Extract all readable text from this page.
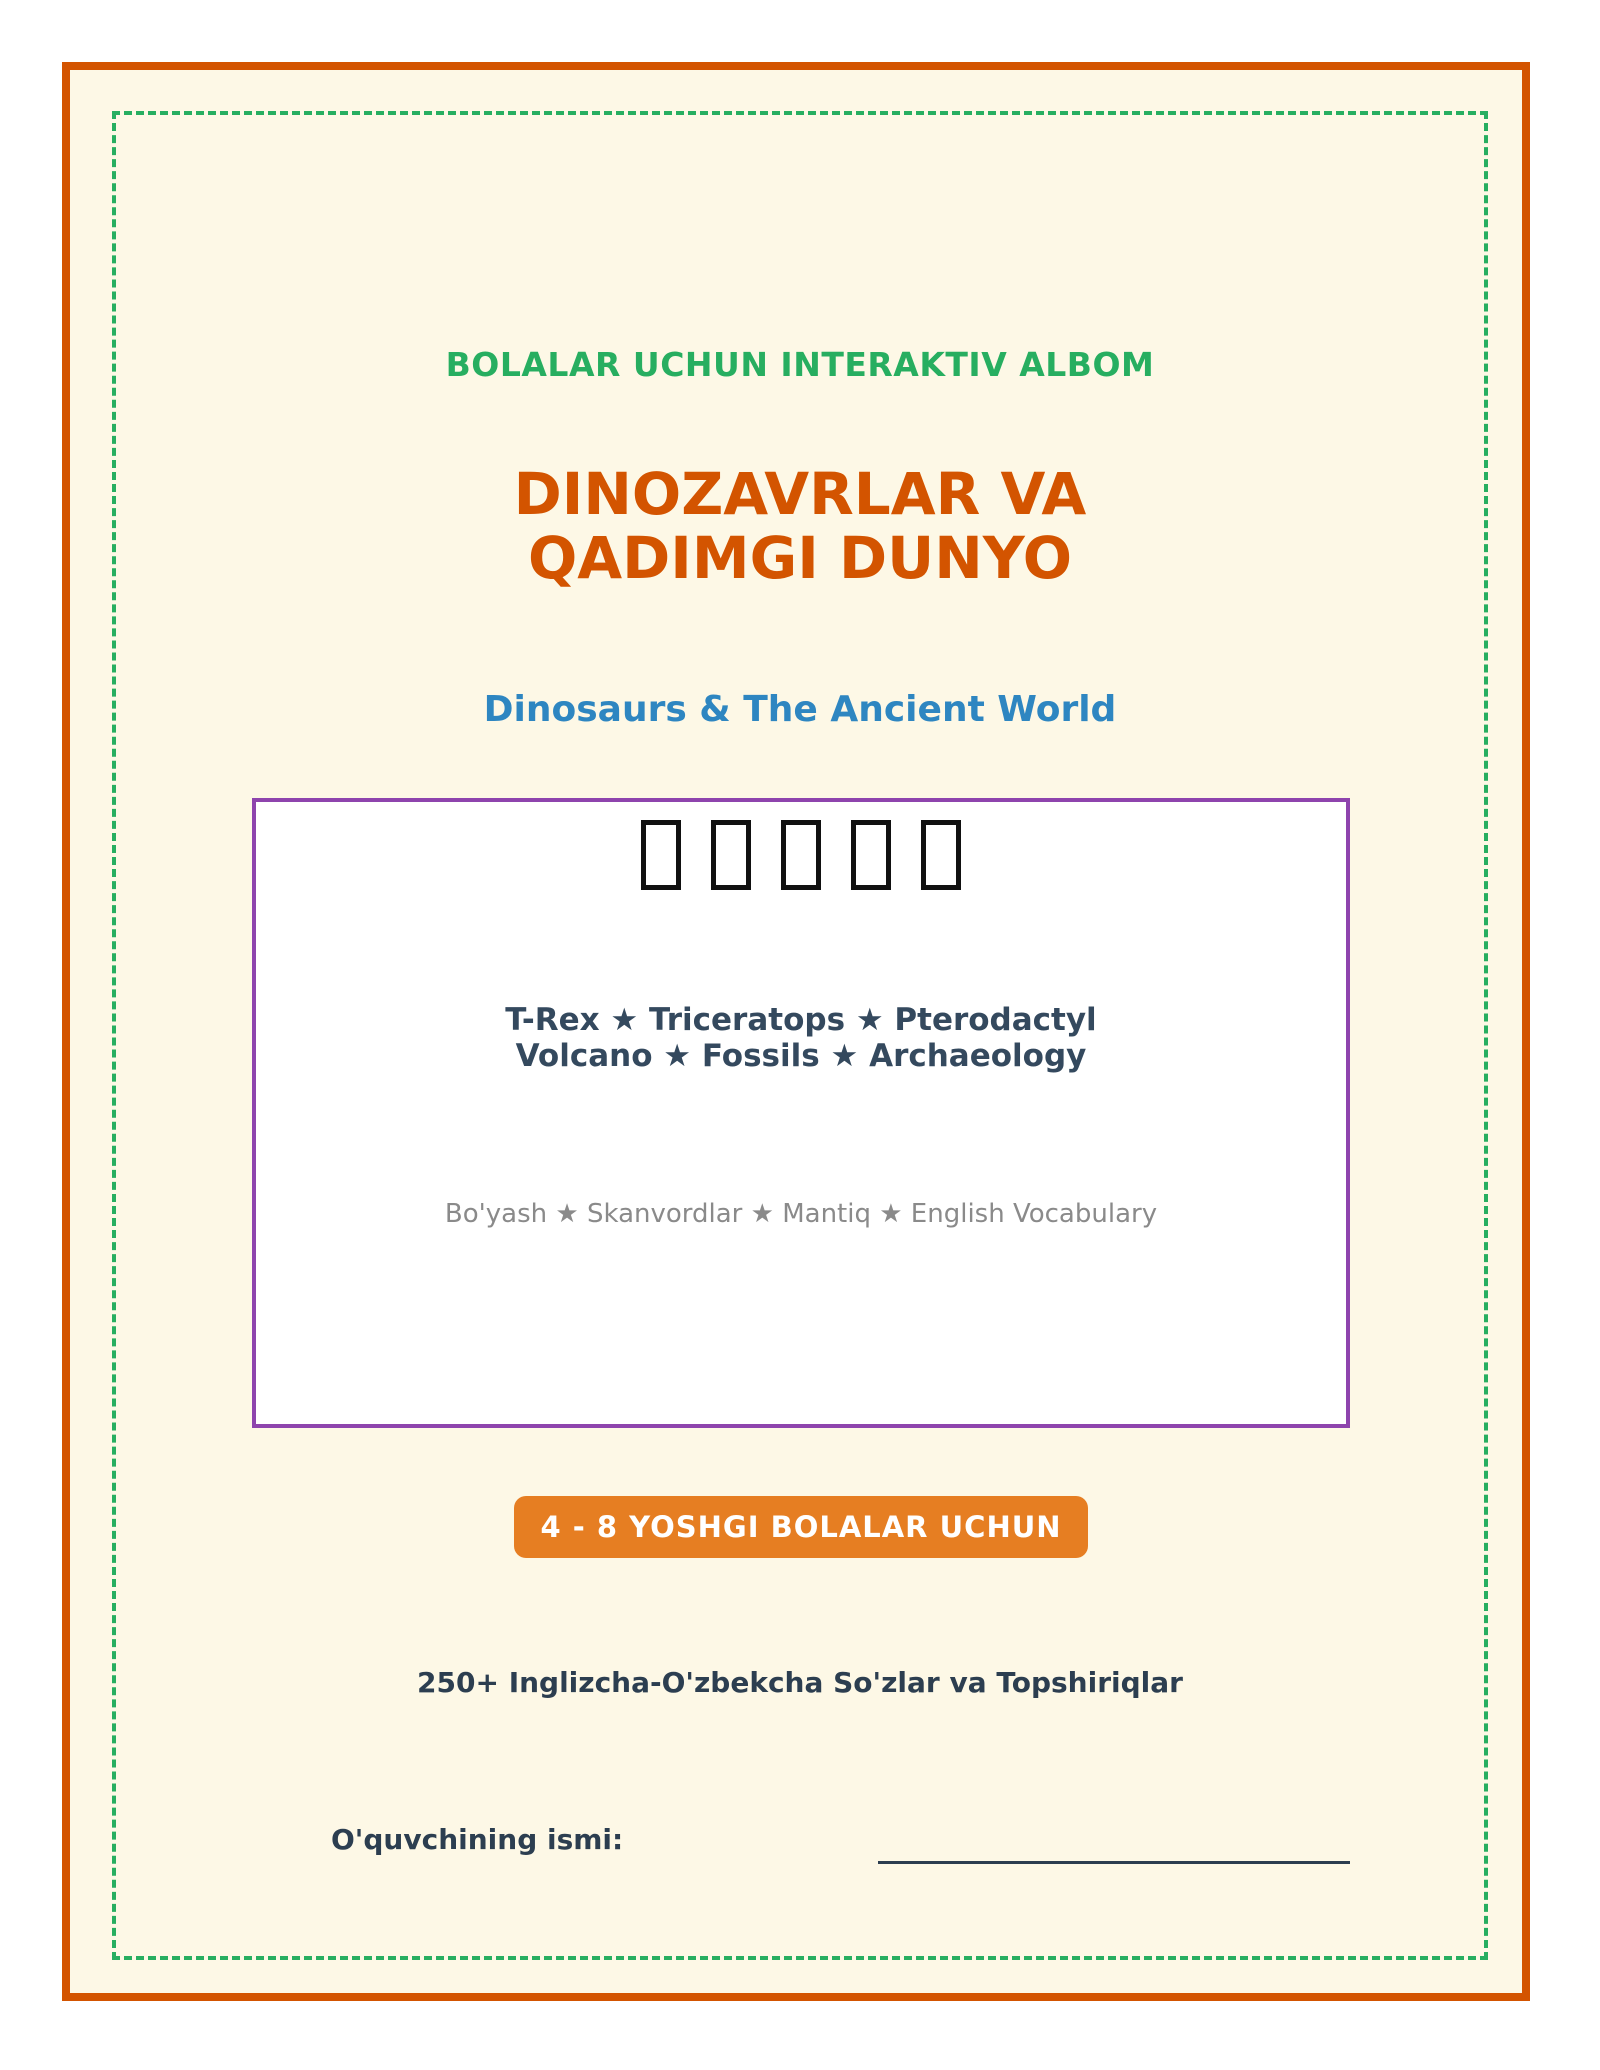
BOLALAR UCHUN INTERAKTIV ALBOM
DINOZAVRLAR VA
QADIMGI DUNYO
Dinosaurs & The Ancient World
T-Rex ★ Triceratops ★ Pterodactyl
Volcano ★ Fossils ★ Archaeology
Bo'yash ★ Skanvordlar ★ Mantiq ★ English Vocabulary
4 - 8 YOSHGI BOLALAR UCHUN
250+ Inglizcha-O'zbekcha So'zlar va Topshiriqlar
O'quvchining ismi:
